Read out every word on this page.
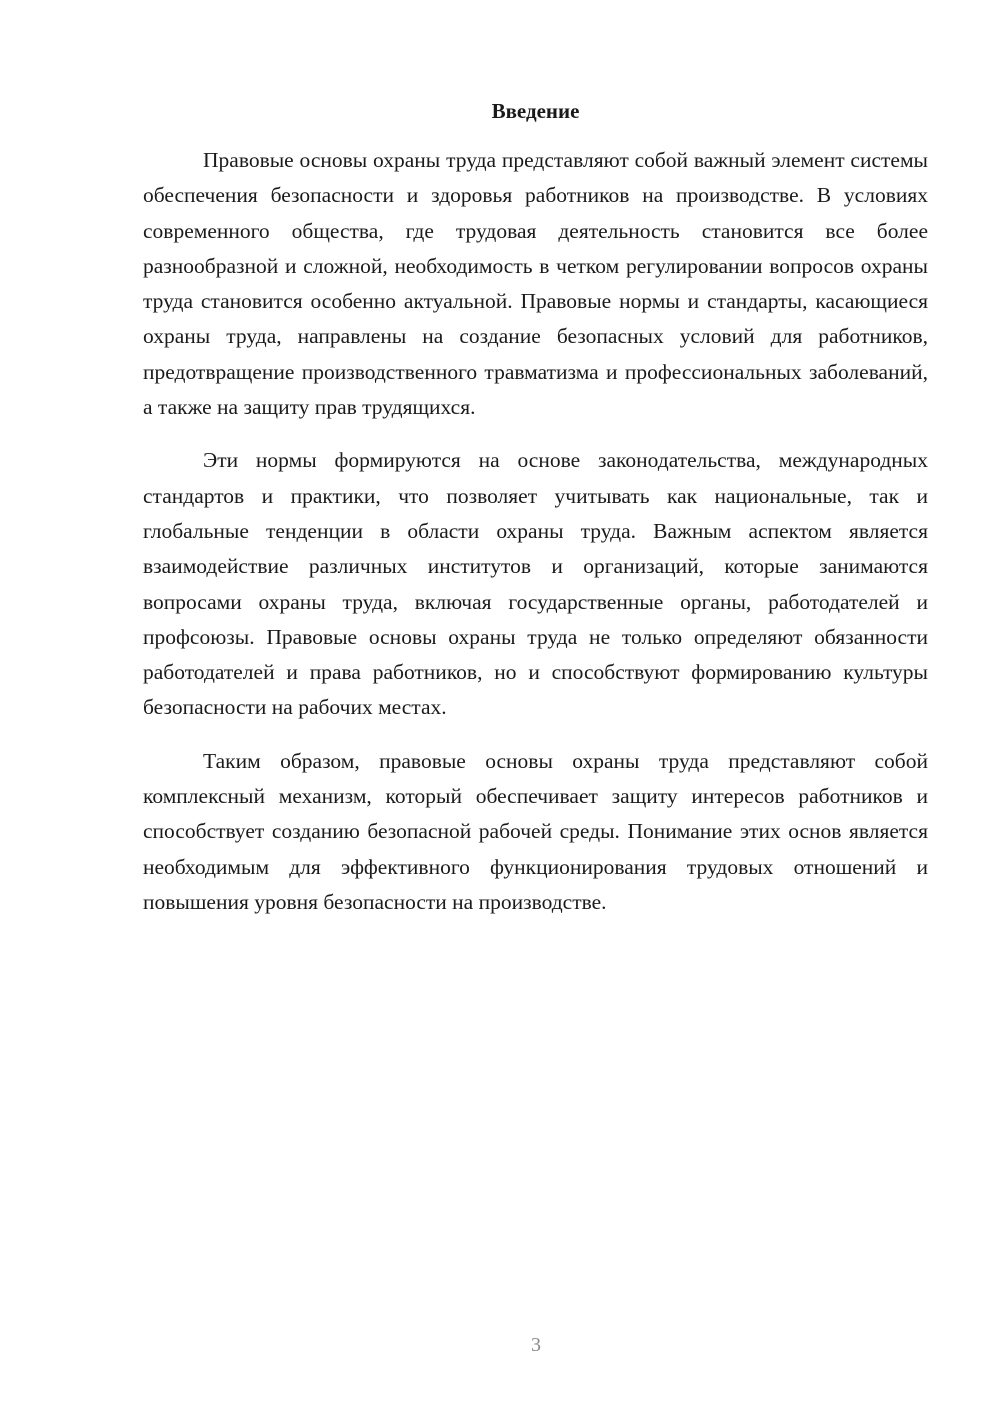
Введение

Правовые основы охраны труда представляют собой важный элемент системы обеспечения безопасности и здоровья работников на производстве. В условиях современного общества, где трудовая деятельность становится все более разнообразной и сложной, необходимость в четком регулировании вопросов охраны труда становится особенно актуальной. Правовые нормы и стандарты, касающиеся охраны труда, направлены на создание безопасных условий для работников, предотвращение производственного травматизма и профессиональных заболеваний, а также на защиту прав трудящихся.

Эти нормы формируются на основе законодательства, международных стандартов и практики, что позволяет учитывать как национальные, так и глобальные тенденции в области охраны труда. Важным аспектом является взаимодействие различных институтов и организаций, которые занимаются вопросами охраны труда, включая государственные органы, работодателей и профсоюзы. Правовые основы охраны труда не только определяют обязанности работодателей и права работников, но и способствуют формированию культуры безопасности на рабочих местах.

Таким образом, правовые основы охраны труда представляют собой комплексный механизм, который обеспечивает защиту интересов работников и способствует созданию безопасной рабочей среды. Понимание этих основ является необходимым для эффективного функционирования трудовых отношений и повышения уровня безопасности на производстве.

3
